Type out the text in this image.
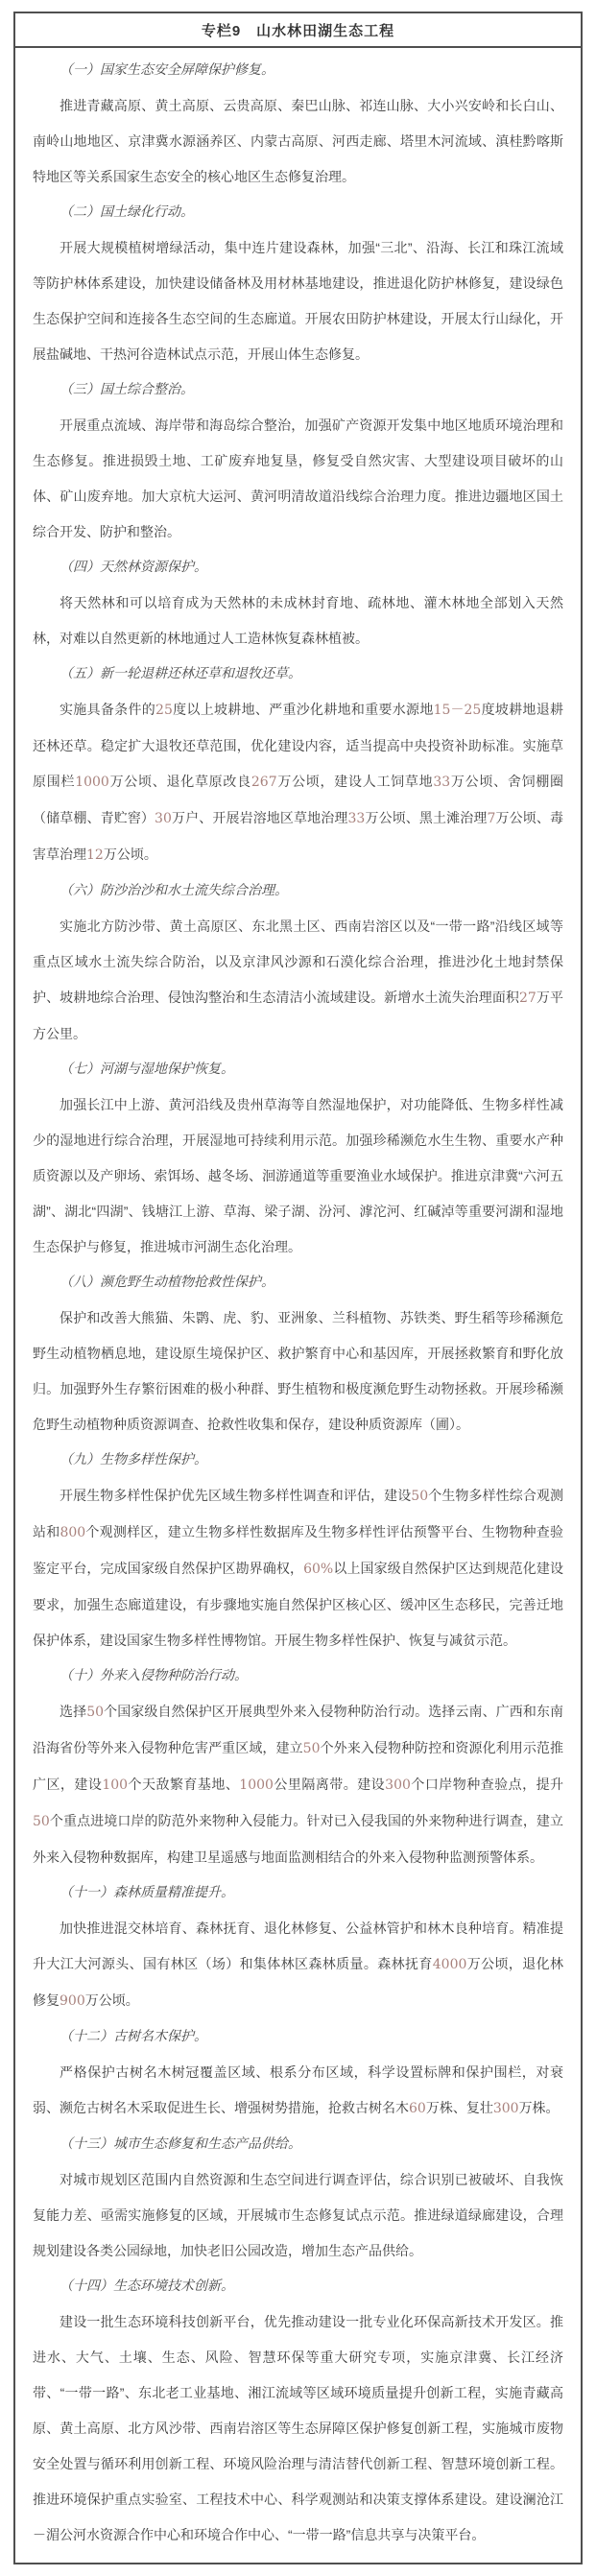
专栏9　山水林田湖生态工程

（一）国家生态安全屏障保护修复。

推进青藏高原、黄土高原、云贵高原、秦巴山脉、祁连山脉、大小兴安岭和长白山、南岭山地地区、京津冀水源涵养区、内蒙古高原、河西走廊、塔里木河流域、滇桂黔喀斯特地区等关系国家生态安全的核心地区生态修复治理。

（二）国土绿化行动。

开展大规模植树增绿活动，集中连片建设森林，加强“三北”、沿海、长江和珠江流域等防护林体系建设，加快建设储备林及用材林基地建设，推进退化防护林修复，建设绿色生态保护空间和连接各生态空间的生态廊道。开展农田防护林建设，开展太行山绿化，开展盐碱地、干热河谷造林试点示范，开展山体生态修复。

（三）国土综合整治。

开展重点流域、海岸带和海岛综合整治，加强矿产资源开发集中地区地质环境治理和生态修复。推进损毁土地、工矿废弃地复垦，修复受自然灾害、大型建设项目破坏的山体、矿山废弃地。加大京杭大运河、黄河明清故道沿线综合治理力度。推进边疆地区国土综合开发、防护和整治。

（四）天然林资源保护。

将天然林和可以培育成为天然林的未成林封育地、疏林地、灌木林地全部划入天然林，对难以自然更新的林地通过人工造林恢复森林植被。

（五）新一轮退耕还林还草和退牧还草。

实施具备条件的25度以上坡耕地、严重沙化耕地和重要水源地15－25度坡耕地退耕还林还草。稳定扩大退牧还草范围，优化建设内容，适当提高中央投资补助标准。实施草原围栏1000万公顷、退化草原改良267万公顷，建设人工饲草地33万公顷、舍饲棚圈（储草棚、青贮窖）30万户、开展岩溶地区草地治理33万公顷、黑土滩治理7万公顷、毒害草治理12万公顷。

（六）防沙治沙和水土流失综合治理。

实施北方防沙带、黄土高原区、东北黑土区、西南岩溶区以及“一带一路”沿线区域等重点区域水土流失综合防治，以及京津风沙源和石漠化综合治理，推进沙化土地封禁保护、坡耕地综合治理、侵蚀沟整治和生态清洁小流域建设。新增水土流失治理面积27万平方公里。

（七）河湖与湿地保护恢复。

加强长江中上游、黄河沿线及贵州草海等自然湿地保护，对功能降低、生物多样性减少的湿地进行综合治理，开展湿地可持续利用示范。加强珍稀濒危水生生物、重要水产种质资源以及产卵场、索饵场、越冬场、洄游通道等重要渔业水域保护。推进京津冀“六河五湖”、湖北“四湖”、钱塘江上游、草海、梁子湖、汾河、滹沱河、红碱淖等重要河湖和湿地生态保护与修复，推进城市河湖生态化治理。

（八）濒危野生动植物抢救性保护。

保护和改善大熊猫、朱鹮、虎、豹、亚洲象、兰科植物、苏铁类、野生稻等珍稀濒危野生动植物栖息地，建设原生境保护区、救护繁育中心和基因库，开展拯救繁育和野化放归。加强野外生存繁衍困难的极小种群、野生植物和极度濒危野生动物拯救。开展珍稀濒危野生动植物种质资源调查、抢救性收集和保存，建设种质资源库（圃）。

（九）生物多样性保护。

开展生物多样性保护优先区域生物多样性调查和评估，建设50个生物多样性综合观测站和800个观测样区，建立生物多样性数据库及生物多样性评估预警平台、生物物种查验鉴定平台，完成国家级自然保护区勘界确权，60%以上国家级自然保护区达到规范化建设要求，加强生态廊道建设，有步骤地实施自然保护区核心区、缓冲区生态移民，完善迁地保护体系，建设国家生物多样性博物馆。开展生物多样性保护、恢复与减贫示范。

（十）外来入侵物种防治行动。

选择50个国家级自然保护区开展典型外来入侵物种防治行动。选择云南、广西和东南沿海省份等外来入侵物种危害严重区域，建立50个外来入侵物种防控和资源化利用示范推广区，建设100个天敌繁育基地、1000公里隔离带。建设300个口岸物种查验点，提升50个重点进境口岸的防范外来物种入侵能力。针对已入侵我国的外来物种进行调查，建立外来入侵物种数据库，构建卫星遥感与地面监测相结合的外来入侵物种监测预警体系。

（十一）森林质量精准提升。

加快推进混交林培育、森林抚育、退化林修复、公益林管护和林木良种培育。精准提升大江大河源头、国有林区（场）和集体林区森林质量。森林抚育4000万公顷，退化林修复900万公顷。

（十二）古树名木保护。

严格保护古树名木树冠覆盖区域、根系分布区域，科学设置标牌和保护围栏，对衰弱、濒危古树名木采取促进生长、增强树势措施，抢救古树名木60万株、复壮300万株。

（十三）城市生态修复和生态产品供给。

对城市规划区范围内自然资源和生态空间进行调查评估，综合识别已被破坏、自我恢复能力差、亟需实施修复的区域，开展城市生态修复试点示范。推进绿道绿廊建设，合理规划建设各类公园绿地，加快老旧公园改造，增加生态产品供给。

（十四）生态环境技术创新。

建设一批生态环境科技创新平台，优先推动建设一批专业化环保高新技术开发区。推进水、大气、土壤、生态、风险、智慧环保等重大研究专项，实施京津冀、长江经济带、“一带一路”、东北老工业基地、湘江流域等区域环境质量提升创新工程，实施青藏高原、黄土高原、北方风沙带、西南岩溶区等生态屏障区保护修复创新工程，实施城市废物安全处置与循环利用创新工程、环境风险治理与清洁替代创新工程、智慧环境创新工程。推进环境保护重点实验室、工程技术中心、科学观测站和决策支撑体系建设。建设澜沧江－湄公河水资源合作中心和环境合作中心、“一带一路”信息共享与决策平台。
